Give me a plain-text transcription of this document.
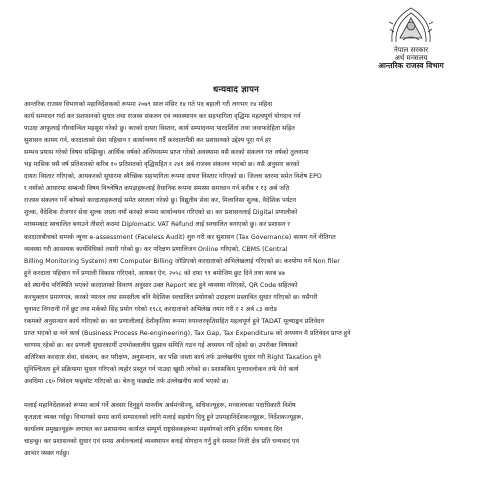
नेपाल सरकार
अर्थ मन्त्रालय
आन्तरिक राजस्व विभाग
धन्यवाद ज्ञापन

आन्तरिक राजस्व विभागको महानिर्देशकको रूपमा २०७९ साल मंसिर १४ गते पद बहाली गरी लगभग १४ महिना
कार्य सम्पादन गर्दा कर प्रशासनको सुधार तथा राजस्व संकलन एवं व्यवस्थापन कर सहभागिता वृद्धिमा महत्वपूर्ण योगदान गर्न
पाउदा आफूलाई गौरवान्वित महसुस गरेको छु। करको दायरा विस्तार, कार्य सम्पादनमा पारदर्शिता तथा जवाफदेहिता सहित
सुशासन कायम गर्न, करदाताको सेवा पहिचान र कार्यान्वयन गर्दै करदातामैत्री कर प्रशासनको उद्देश्य पूरा गर्न हर
सम्भव प्रयास गरेको विषय सम्झिन्छु। आर्थिक वर्षको अन्तिमसम्म प्राप्त गरेको अवस्थामा यसै करको संकलन गत वर्षको तुलनामा
भइ मासिक यसै वर्ष प्रतिशतको करिब १० प्रतिशतको वृद्धिसहित र २४१ अर्ब राजस्व संकलन भएको छ। यसै अनुसार करको
दायरा विस्तार गरिएको, आयकरको सुधारमा स्वैच्छिक सहभागिता रूपमा दायरा विस्तार गरिएको छ। जिल्ला स्तरमा समेत विशेष EPO
र नयाँको आधारमा सम्बन्धी विषय विश्लेषित कपड़ाहरूलाई वैधानिक रूपमा समस्या समाधान गर्न करीब र १३ अर्ब जति
राजस्व संकलन गर्ने कोषको करदाताहरूलाई समेत सरलता गरेको छु। विद्युतीय सेवा कर, मिलानिसा शुल्क, वैदेशिक पर्यटन
शुल्क, वैदेशिक रोजगार सेवा शुल्क जस्ता नयाँ करको रूपमा कार्यान्वयन गरिएको छ। कर प्रशासनलाई Digital प्रणालीको
माध्यमबाट स्वचालित बनाउने तीसरो कदमा Diplomatic VAT Refund लाई स्वचालित बनाएको छु। कर प्रशासन र
करदाताबीचको सम्पर्क न्यूनर e-assessment (Faceless Audit) शुरु गरी कर सुशासन (Tax Governance) कायम गर्ने नीतिगत
व्यवस्था गरी आवश्यक कार्यविधिको तयारी गरेको छु। कर परिक्षण प्रणालिजन Online गरिएको, CBMS (Central
Billing Monitoring System) तथा Computer Billing जोडिएको करदाताको अभिलेखलाई गरिएको छ। करयोग्य गर्ने Non filer
हुने करदाता पहिचान गर्ने प्रणाली विकास गरिएको, आयकर ऐन, २०५८ को दफा ९१ बमोजिम छुट दिने तथा करब ४७
को स्थानीय परिस्थिति भएको करदाताको विवरण अनुसार उक्त Report बाट हुने व्यवस्था गरिएको, QR Code सहितको
करभुक्तान प्रमाणपत्र, करको प्यानल तथा समस्तीत्य बनि वैदेशिक स्वचालित प्रयोगको उदाहरण प्रस्तावित सुधार गरिएको छ। यसैगरी
चुनावट निगरानी गर्ने छुट तथा मर्कको सिंह प्रयोग गरेको १९८६ करदाताको अभिलेख तयार गरी र २ अर्ब ८३ करोड
रकमको अनुसन्धान कार्य गरिएको छ। कर प्रणालीलाई देशीकृतिया रूपमा रुपान्तरकृतिसहित महत्वपूर्ण हुने TADAT मूल्याङ्कन प्रतिवेदन
प्राप्त भएको छ भने कार्य (Business Process Re-engineering), Tax Gap, Tax Expenditure को अध्ययन मै प्रतिवेदन प्राप्त हुने
चरणमा रहेको छ। कर प्रणाली सुधारकार्यी उपभोक्तालीय सुझाव समिति गठन गई अध्ययन गर्दै रहेको छ। उपरोक्त विषयको
अतिरिक्त करदाता सेवा, संकलन, कर परीक्षण, अनुसन्धान, कर पछि जस्ता कार्य तर्फ उल्लेखनीय सुधार गरी Right Taxation हुने
सुनिश्चितता हुने प्रक्रियामा सुधार गरिएको त्यहोर प्रस्तुत गर्न पाउदा खुसी लगेको छ। प्रशासकिय पुनरावलोकन तर्फ मेरो कार्य
अवधिमा ८६० निवेदन फछ्र्योट गरिएको छ। बेरुजु फछ्योट तर्फ उल्लेखनीय कार्य भएको छ।

मलाई महानिर्देशकको रूपमा कार्य गर्ने अवसर दिनुहुने माननीय अर्थमन्त्रीज्यू, सचिवज्यूहरू, मन्त्रालयका पदाधिकारी विशेष
कृतज्ञता व्यक्त गर्दछु। विभागको समग्र कार्य सम्पादनको लागि मलाई सहयोग दिनु हुने उपमहानिर्देशकज्यूहरू, निर्देशकज्यूहरू,
कार्यालय प्रमुखज्यूहरू लगायत कर प्रशासनमा कार्यरत सम्पूर्ण राष्ट्रसेवकहरूमा सहयोगको लागि हार्दिक धन्यवाद दिन
चाहन्छु। कर प्रशासनको सुधार एवं समग्र अर्थतन्त्रलाई व्यवस्थापन बनाई योगदान गर्नु हुने समस्त निजी क्षेत्र प्रति धन्यवाद एवं
आभार व्यक्त गर्दछु।
